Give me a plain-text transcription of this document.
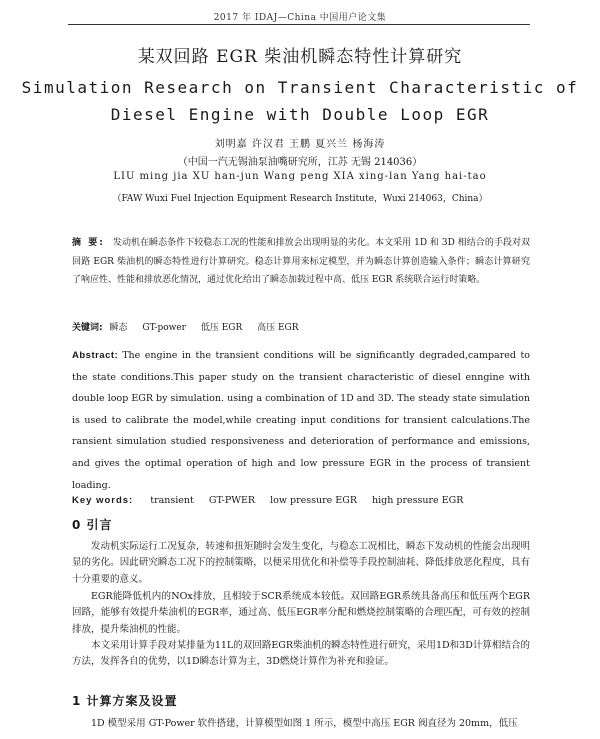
2017 年 IDAJ—China 中国用户论文集
某双回路 EGR 柴油机瞬态特性计算研究
Simulation Research on Transient Characteristic of
Diesel Engine with Double Loop EGR
刘明嘉 许汉君 王鹏 夏兴兰 杨海涛
（中国一汽无锡油泵油嘴研究所，江苏 无锡 214036）
LIU ming jia XU han-jun Wang peng XIA xing-lan Yang hai-tao
（FAW Wuxi Fuel Injection Equipment Research Institute，Wuxi 214063，China）
摘 要: 发动机在瞬态条件下较稳态工况的性能和排放会出现明显的劣化。本文采用 1D 和 3D 相结合的手段对双回路 EGR 柴油机的瞬态特性进行计算研究。稳态计算用来标定模型，并为瞬态计算创造输入条件；瞬态计算研究了响应性、性能和排放恶化情况，通过优化给出了瞬态加载过程中高、低压 EGR 系统联合运行时策略。
关键词: 瞬态 GT-power 低压 EGR 高压 EGR
Abstract: The engine in the transient conditions will be significantly degraded,campared to the state conditions.This paper study on the transient characteristic of diesel enngine with double loop EGR by simulation. using a combination of 1D and 3D. The steady state simulation is used to calibrate the model,while creating input conditions for transient calculations.The ransient simulation studied responsiveness and deterioration of performance and emissions, and gives the optimal operation of high and low pressure EGR in the process of transient loading.
Key words: transient GT-PWER low pressure EGR high pressure EGR
0 引言
发动机实际运行工况复杂，转速和扭矩随时会发生变化，与稳态工况相比，瞬态下发动机的性能会出现明显的劣化。因此研究瞬态工况下的控制策略，以便采用优化和补偿等手段控制油耗、降低排放恶化程度，具有十分重要的意义。
EGR能降低机内的NOx排放，且相较于SCR系统成本较低。双回路EGR系统具备高压和低压两个EGR回路，能够有效提升柴油机的EGR率，通过高、低压EGR率分配和燃烧控制策略的合理匹配，可有效的控制排放，提升柴油机的性能。
本文采用计算手段对某排量为11L的双回路EGR柴油机的瞬态特性进行研究，采用1D和3D计算相结合的方法，发挥各自的优势，以1D瞬态计算为主，3D燃烧计算作为补充和验证。
1 计算方案及设置
1D 模型采用 GT-Power 软件搭建，计算模型如图 1 所示，模型中高压 EGR 阀直径为 20mm，低压
